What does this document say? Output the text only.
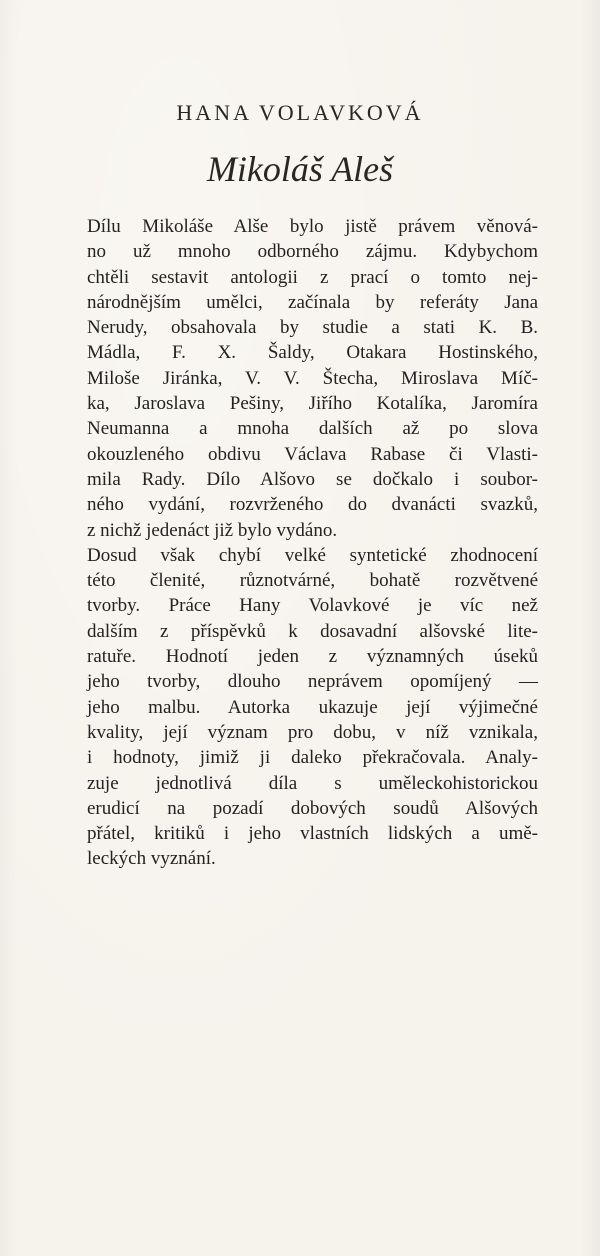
HANA VOLAVKOVÁ
Mikoláš Aleš
Dílu Mikoláše Alše bylo jistě právem věnová-
no už mnoho odborného zájmu. Kdybychom
chtěli sestavit antologii z prací o tomto nej-
národnějším umělci, začínala by referáty Jana
Nerudy, obsahovala by studie a stati K. B.
Mádla, F. X. Šaldy, Otakara Hostinského,
Miloše Jiránka, V. V. Štecha, Miroslava Míč-
ka, Jaroslava Pešiny, Jiřího Kotalíka, Jaromíra
Neumanna a mnoha dalších až po slova
okouzleného obdivu Václava Rabase či Vlasti-
mila Rady. Dílo Alšovo se dočkalo i soubor-
ného vydání, rozvrženého do dvanácti svazků,
z nichž jedenáct již bylo vydáno.
Dosud však chybí velké syntetické zhodnocení
této členité, různotvárné, bohatě rozvětvené
tvorby. Práce Hany Volavkové je víc než
dalším z příspěvků k dosavadní alšovské lite-
ratuře. Hodnotí jeden z významných úseků
jeho tvorby, dlouho neprávem opomíjený —
jeho malbu. Autorka ukazuje její výjimečné
kvality, její význam pro dobu, v níž vznikala,
i hodnoty, jimiž ji daleko překračovala. Analy-
zuje jednotlivá díla s uměleckohistorickou
erudicí na pozadí dobových soudů Alšových
přátel, kritiků i jeho vlastních lidských a umě-
leckých vyznání.
